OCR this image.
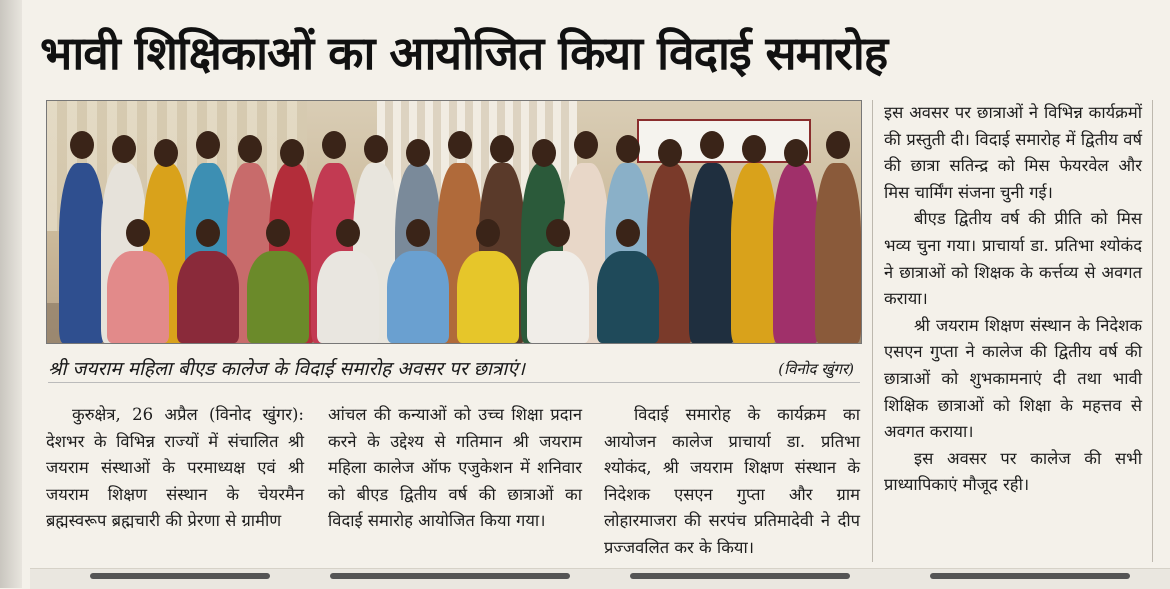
भावी शिक्षिकाओं का आयोजित किया विदाई समारोह
श्री जयराम महिला बीएड कालेज के विदाई समारोह अवसर पर छात्राएं।	(विनोद खुंगर)

कुरुक्षेत्र, 26 अप्रैल (विनोद खुंगर): देशभर के विभिन्न राज्यों में संचालित श्री जयराम संस्थाओं के परमाध्यक्ष एवं श्री जयराम शिक्षण संस्थान के चेयरमैन ब्रह्मस्वरूप ब्रह्मचारी की प्रेरणा से ग्रामीण

आंचल की कन्याओं को उच्च शिक्षा प्रदान करने के उद्देश्य से गतिमान श्री जयराम महिला कालेज ऑफ एजुकेशन में शनिवार को बीएड द्वितीय वर्ष की छात्राओं का विदाई समारोह आयोजित किया गया।

विदाई समारोह के कार्यक्रम का आयोजन कालेज प्राचार्या डा. प्रतिभा श्योकंद, श्री जयराम शिक्षण संस्थान के निदेशक एसएन गुप्ता और ग्राम लोहारमाजरा की सरपंच प्रतिमादेवी ने दीप प्रज्जवलित कर के किया।

इस अवसर पर छात्राओं ने विभिन्न कार्यक्रमों की प्रस्तुती दी। विदाई समारोह में द्वितीय वर्ष की छात्रा सतिन्द्र को मिस फेयरवेल और मिस चार्मिंग संजना चुनी गई।

बीएड द्वितीय वर्ष की प्रीति को मिस भव्य चुना गया। प्राचार्या डा. प्रतिभा श्योकंद ने छात्राओं को शिक्षक के कर्त्तव्य से अवगत कराया।

श्री जयराम शिक्षण संस्थान के निदेशक एसएन गुप्ता ने कालेज की द्वितीय वर्ष की छात्राओं को शुभकामनाएं दी तथा भावी शिक्षिक छात्राओं को शिक्षा के महत्तव से अवगत कराया।

इस अवसर पर कालेज की सभी प्राध्यापिकाएं मौजूद रही।
